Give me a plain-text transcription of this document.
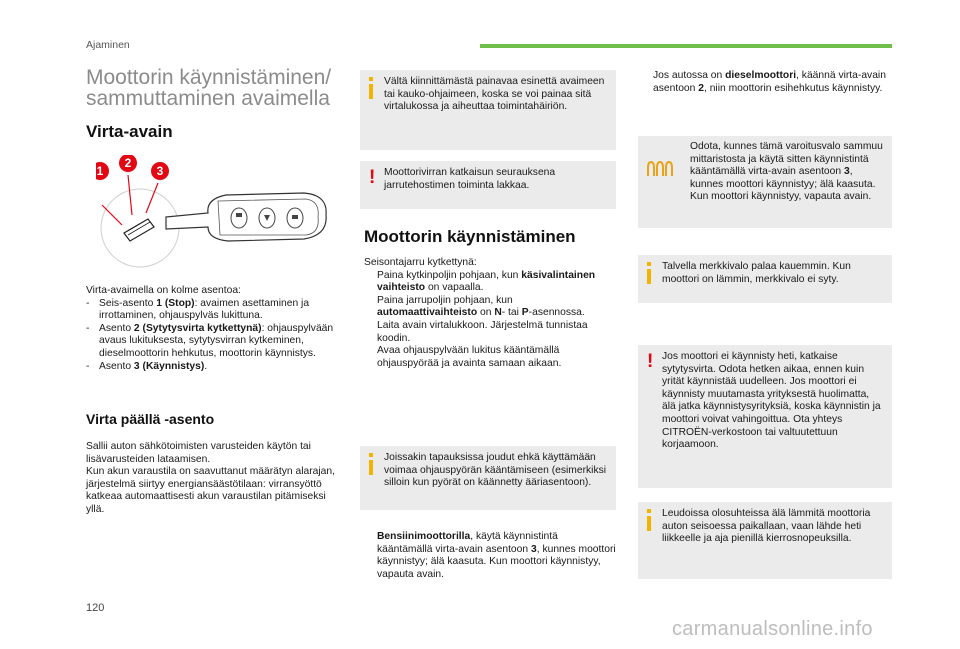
Ajaminen
Moottorin käynnistäminen/
sammuttaminen avaimella
Virta-avain
1
2
3
Virta-avaimella on kolme asentoa:
- Seis-asento 1 (Stop): avaimen asettaminen ja irrottaminen, ohjauspylväs lukittuna.
- Asento 2 (Sytytysvirta kytkettynä): ohjauspylvään avaus lukituksesta, sytytysvirran kytkeminen, dieselmoottorin hehkutus, moottorin käynnistys.
- Asento 3 (Käynnistys).
Virta päällä -asento
Sallii auton sähkötoimisten varusteiden käytön tai lisävarusteiden lataamisen.
Kun akun varaustila on saavuttanut määrätyn alarajan, järjestelmä siirtyy energiansäästötilaan: virransyöttö katkeaa automaattisesti akun varaustilan pitämiseksi yllä.
Vältä kiinnittämästä painavaa esinettä avaimeen tai kauko-ohjaimeen, koska se voi painaa sitä virtalukossa ja aiheuttaa toimintahäiriön.
! Moottorivirran katkaisun seurauksena jarrutehostimen toiminta lakkaa.
Moottorin käynnistäminen
Seisontajarru kytkettynä:
Paina kytkinpoljin pohjaan, kun käsivalintainen vaihteisto on vapaalla.
Paina jarrupoljin pohjaan, kun automaattivaihteisto on N- tai P-asennossa.
Laita avain virtalukkoon. Järjestelmä tunnistaa koodin.
Avaa ohjauspylvään lukitus kääntämällä ohjauspyörää ja avainta samaan aikaan.
Joissakin tapauksissa joudut ehkä käyttämään voimaa ohjauspyörän kääntämiseen (esimerkiksi silloin kun pyörät on käännetty ääriasentoon).
Bensiinimoottorilla, käytä käynnistintä kääntämällä virta-avain asentoon 3, kunnes moottori käynnistyy; älä kaasuta. Kun moottori käynnistyy, vapauta avain.
Jos autossa on dieselmoottori, käännä virta-avain asentoon 2, niin moottorin esihehkutus käynnistyy.
Odota, kunnes tämä varoitusvalo sammuu mittaristosta ja käytä sitten käynnistintä kääntämällä virta-avain asentoon 3, kunnes moottori käynnistyy; älä kaasuta. Kun moottori käynnistyy, vapauta avain.
Talvella merkkivalo palaa kauemmin. Kun moottori on lämmin, merkkivalo ei syty.
! Jos moottori ei käynnisty heti, katkaise sytytysvirta. Odota hetken aikaa, ennen kuin yrität käynnistää uudelleen. Jos moottori ei käynnisty muutamasta yrityksestä huolimatta, älä jatka käynnistysyrityksiä, koska käynnistin ja moottori voivat vahingoittua. Ota yhteys CITROËN-verkostoon tai valtuutettuun korjaamoon.
Leudoissa olosuhteissa älä lämmitä moottoria auton seisoessa paikallaan, vaan lähde heti liikkeelle ja aja pienillä kierrosnopeuksilla.
120
carmanualsonline.info
